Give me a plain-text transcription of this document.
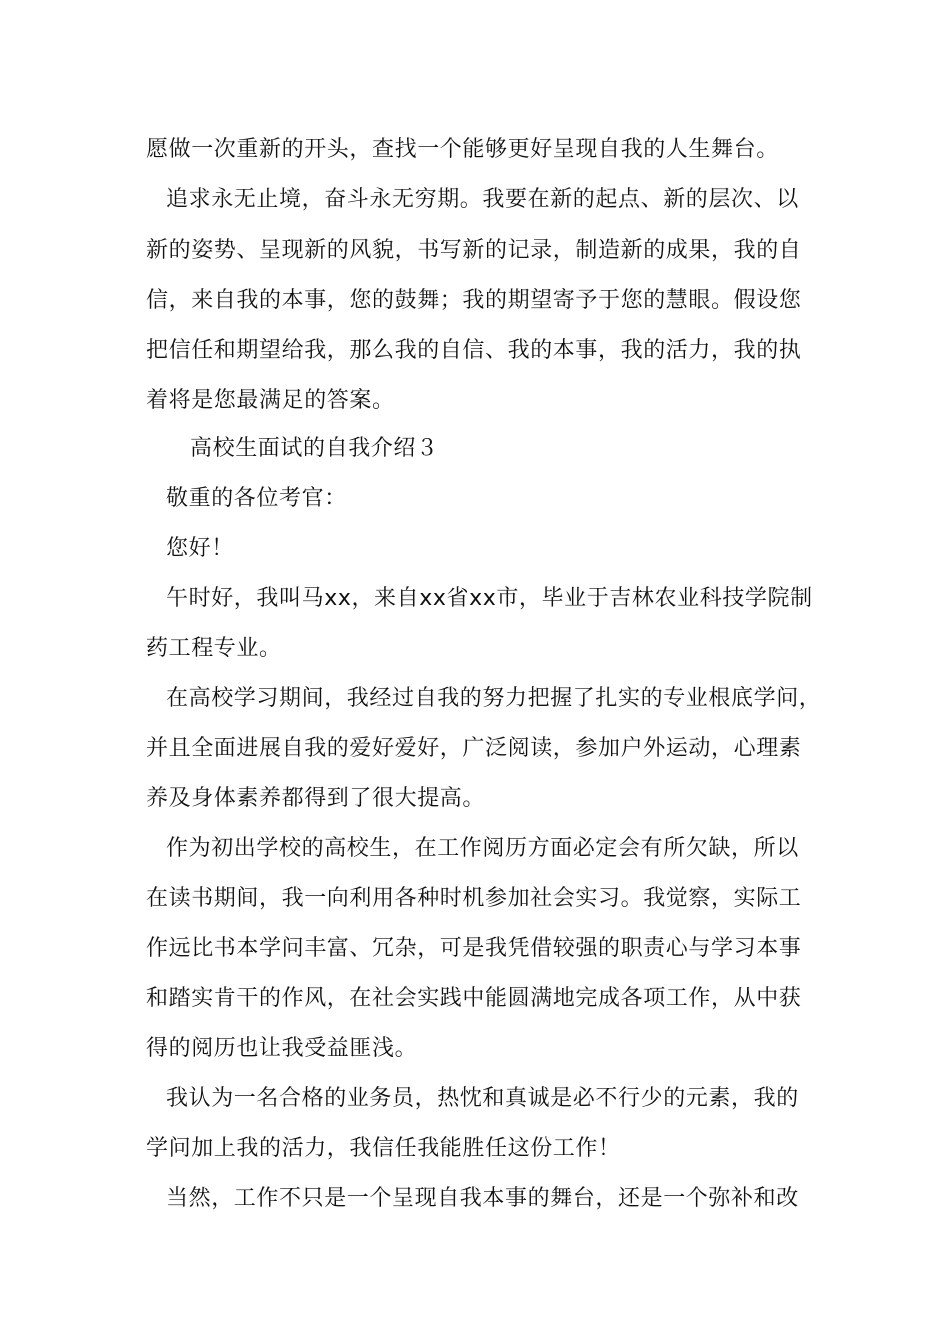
愿做一次重新的开头，查找一个能够更好呈现自我的人生舞台。
追求永无止境，奋斗永无穷期。我要在新的起点、新的层次、以
新的姿势、呈现新的风貌，书写新的记录，制造新的成果，我的自
信，来自我的本事，您的鼓舞；我的期望寄予于您的慧眼。假设您
把信任和期望给我，那么我的自信、我的本事，我的活力，我的执
着将是您最满足的答案。
高校生面试的自我介绍３
敬重的各位考官：
您好！
午时好，我叫马xx，来自xx省xx市，毕业于吉林农业科技学院制
药工程专业。
在高校学习期间，我经过自我的努力把握了扎实的专业根底学问，
并且全面进展自我的爱好爱好，广泛阅读，参加户外运动，心理素
养及身体素养都得到了很大提高。
作为初出学校的高校生，在工作阅历方面必定会有所欠缺，所以
在读书期间，我一向利用各种时机参加社会实习。我觉察，实际工
作远比书本学问丰富、冗杂，可是我凭借较强的职责心与学习本事
和踏实肯干的作风，在社会实践中能圆满地完成各项工作，从中获
得的阅历也让我受益匪浅。
我认为一名合格的业务员，热忱和真诚是必不行少的元素，我的
学问加上我的活力，我信任我能胜任这份工作！
当然，工作不只是一个呈现自我本事的舞台，还是一个弥补和改
